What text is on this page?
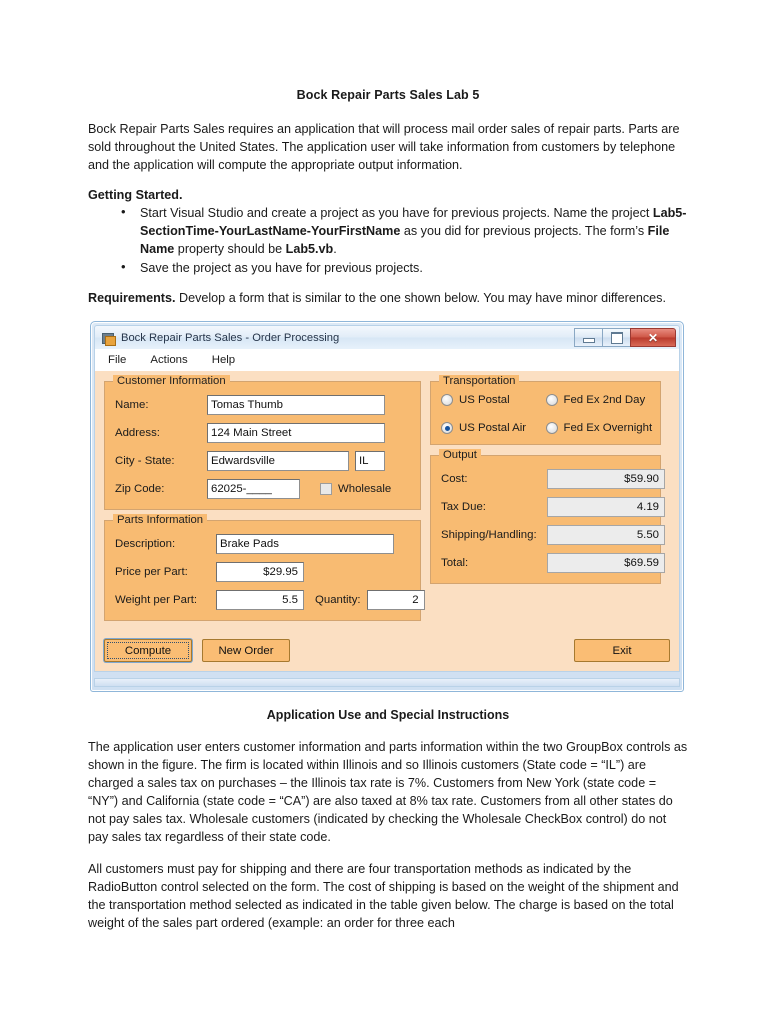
Bock Repair Parts Sales Lab 5

Bock Repair Parts Sales requires an application that will process mail order sales of repair parts. Parts are sold throughout the United States. The application user will take information from customers by telephone and the application will compute the appropriate output information.

Getting Started.
• Start Visual Studio and create a project as you have for previous projects. Name the project Lab5-SectionTime-YourLastName-YourFirstName as you did for previous projects. The form’s File Name property should be Lab5.vb.
• Save the project as you have for previous projects.

Requirements. Develop a form that is similar to the one shown below. You may have minor differences.

Bock Repair Parts Sales - Order Processing	✕
File Actions Help
Customer Information
Name:	Tomas Thumb
Address:	124 Main Street
City - State:	Edwardsville	IL
Zip Code:	62025-____	Wholesale
Parts Information
Description:	Brake Pads
Price per Part:	$29.95
Weight per Part:	5.5	Quantity:	2
Transportation
US Postal	Fed Ex 2nd Day
US Postal Air	Fed Ex Overnight
Output
Cost:	$59.90
Tax Due:	4.19
Shipping/Handling:	5.50
Total:	$69.59
Compute	New Order	Exit
Application Use and Special Instructions

The application user enters customer information and parts information within the two GroupBox controls as shown in the figure. The firm is located within Illinois and so Illinois customers (State code = “IL”) are charged a sales tax on purchases – the Illinois tax rate is 7%. Customers from New York (state code = “NY”) and California (state code = “CA”) are also taxed at 8% tax rate. Customers from all other states do not pay sales tax. Wholesale customers (indicated by checking the Wholesale CheckBox control) do not pay sales tax regardless of their state code.

All customers must pay for shipping and there are four transportation methods as indicated by the RadioButton control selected on the form. The cost of shipping is based on the weight of the shipment and the transportation method selected as indicated in the table given below. The charge is based on the total weight of the sales part ordered (example: an order for three each
